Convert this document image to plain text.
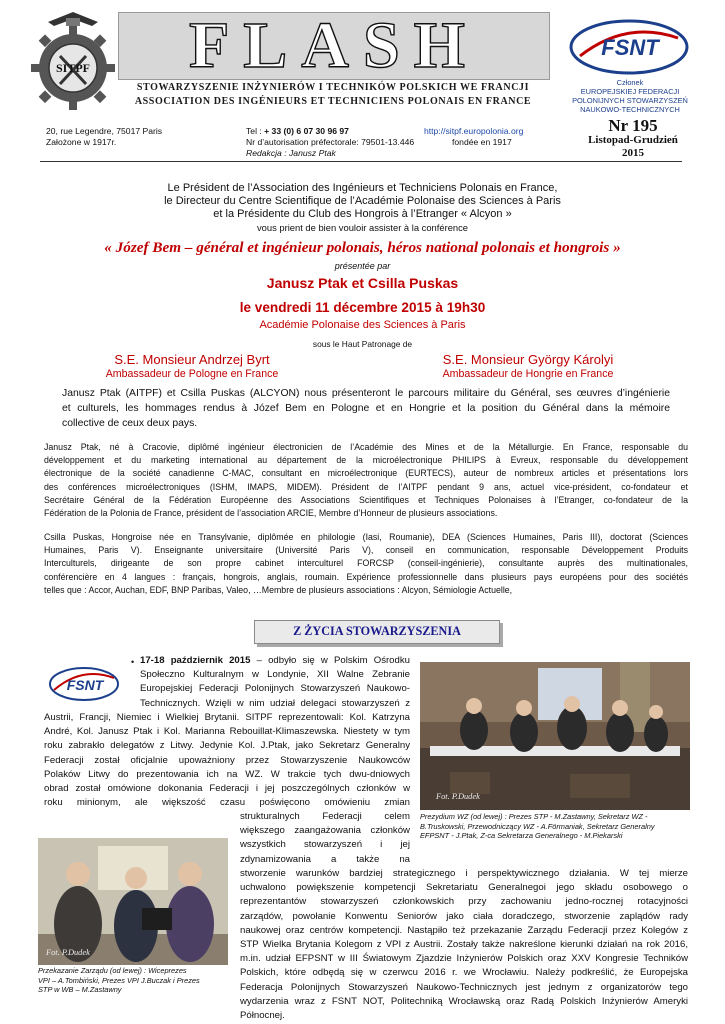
SITPF	FLASH
STOWARZYSZENIE INŻYNIERÓW I TECHNIKÓW POLSKICH WE FRANCJI
ASSOCIATION DES INGÉNIEURS ET TECHNICIENS POLONAIS EN FRANCE
FSNT
Członek
EUROPEJSKIEJ FEDERACJI
POLONIJNYCH STOWARZYSZEŃ
NAUKOWO-TECHNICZNYCH
Nr 195
Listopad-Grudzień
2015
20, rue Legendre, 75017 Paris
Założone w 1917r.
Tel : + 33 (0) 6 07 30 96 97
Nr d’autorisation préfectorale: 79501-13.446
Redakcja : Janusz Ptak
http://sitpf.europolonia.org
fondée en 1917
Le Président de l’Association des Ingénieurs et Techniciens Polonais en France,
le Directeur du Centre Scientifique de l’Académie Polonaise des Sciences à Paris
et la Présidente du Club des Hongrois à l’Etranger « Alcyon »
vous prient de bien vouloir assister à la conférence
« Józef Bem – général et ingénieur polonais, héros national polonais et hongrois »
présentée par
Janusz Ptak et Csilla Puskas
le vendredi 11 décembre 2015 à 19h30
Académie Polonaise des Sciences à Paris
sous le Haut Patronage de
S.E. Monsieur Andrzej Byrt
Ambassadeur de Pologne en France
S.E. Monsieur György Károlyi
Ambassadeur de Hongrie en France
Janusz Ptak (AITPF) et Csilla Puskas (ALCYON) nous présenteront le parcours militaire du Général, ses œuvres d’ingénierie
et culturels, les hommages rendus à Józef Bem en Pologne et en Hongrie et la position du Général dans la mémoire
collective de ceux deux pays.
Janusz Ptak, né à Cracovie, diplômé ingénieur électronicien de l’Académie des Mines et de la Métallurgie. En France, responsable du
développement et du marketing international au département de la microélectronique PHILIPS à Evreux, responsable du développement
électronique de la société canadienne C-MAC, consultant en microélectronique (EURTECS), auteur de nombreux articles et présentations lors
des conférences microélectroniques (ISHM, IMAPS, MIDEM). Président de l’AITPF pendant 9 ans, actuel vice-président, co-fondateur et
Secrétaire Général de la Fédération Européenne des Associations Scientifiques et Techniques Polonaises à l’Etranger, co-fondateur de la
Fédération de la Polonia de France, président de l’association ARCIE, Membre d’Honneur de plusieurs associations.
Csilla Puskas, Hongroise née en Transylvanie, diplômée en philologie (Iasi, Roumanie), DEA (Sciences Humaines, Paris III), doctorat (Sciences
Humaines, Paris V). Enseignante universitaire (Université Paris V), conseil en communication, responsable Développement Produits
Interculturels, dirigeante de son propre cabinet interculturel FORCSP (conseil-ingénierie), consultante auprès des multinationales,
conférencière en 4 langues : français, hongrois, anglais, roumain. Expérience professionnelle dans plusieurs pays européens pour des sociétés
telles que : Accor, Auchan, EDF, BNP Paribas, Valeo, …Membre de plusieurs associations : Alcyon, Sémiologie Actuelle,
Z ŻYCIA STOWARZYSZENIA
FSNT
• 17-18 październik 2015 – odbyło się w Polskim Ośrodku
Społeczno Kulturalnym w Londynie, XII Walne Zebranie
Europejskiej Federacji Polonijnych Stowarzyszeń Naukowo-
Technicznych. Wzięli w nim udział delegaci stowarzyszeń z
Austrii, Francji, Niemiec i Wielkiej Brytanii. SITPF reprezentowali: Kol. Katrzyna
André, Kol. Janusz Ptak i Kol. Marianna Rebouillat-Klimaszewska. Niestety w tym
roku zabrakło delegatów z Litwy. Jedynie Kol. J.Ptak, jako Sekretarz Generalny
Federacji został oficjalnie upoważniony przez Stowarzyszenie Naukowców
Polaków Litwy do prezentowania ich na WZ. W trakcie tych dwu-dniowych
obrad został omówione dokonania Federacji i jej poszczególnych członków w
roku minionym, ale większość czasu poświęcono omówieniu zmian
strukturalnych Federacji celem
większego zaangażowania członków
wszystkich stowarzyszeń i jej
zdynamizowania a także na
stworzenie warunków bardziej strategicznego i perspektywicznego działania. W tej mierze
uchwalono powiększenie kompetencji Sekretariatu Generalnegoi jego składu osobowego o
reprezentantów stowarzyszeń członkowskich przy zachowaniu jedno-rocznej rotacyjności
zarządów, powołanie Konwentu Seniorów jako ciała doradczego, stworzenie zaplądów rady
naukowej oraz centrów kompetencji. Nastąpiło też przekazanie Zarządu Federacji przez Kolegów z
STP Wielka Brytania Kolegom z VPI z Austrii. Zostały także nakreślone kierunki działań na rok 2016,
m.in. udział EFPSNT w III Światowym Zjazdzie Inżynierów Polskich oraz XXV Kongresie Techników
Polskich, które odbędą się w czerwcu 2016 r. we Wrocławiu. Należy podkreślić, że Europejska
Federacja Polonijnych Stowarzyszeń Naukowo-Technicznych jest jednym z organizatorów tego
wydarzenia wraz z FSNT NOT, Politechniką Wrocławską oraz Radą Polskich Inżynierów Ameryki
Północnej.
Fot. P.Dudek
Prezydium WZ (od lewej) : Prezes STP - M.Zastawny, Sekretarz WZ -
B.Truskowski, Przewodniczący WZ - A.Förmaniak, Sekretarz Generalny
EFPSNT - J.Ptak, Z-ca Sekretarza Generalnego - M.Piekarski
Fot. P.Dudek
Przekazanie Zarządu (od lewej) : Wiceprezes
VPI – A.Tombiński, Prezes VPI J.Buczak i Prezes
STP w WB – M.Zastawny
